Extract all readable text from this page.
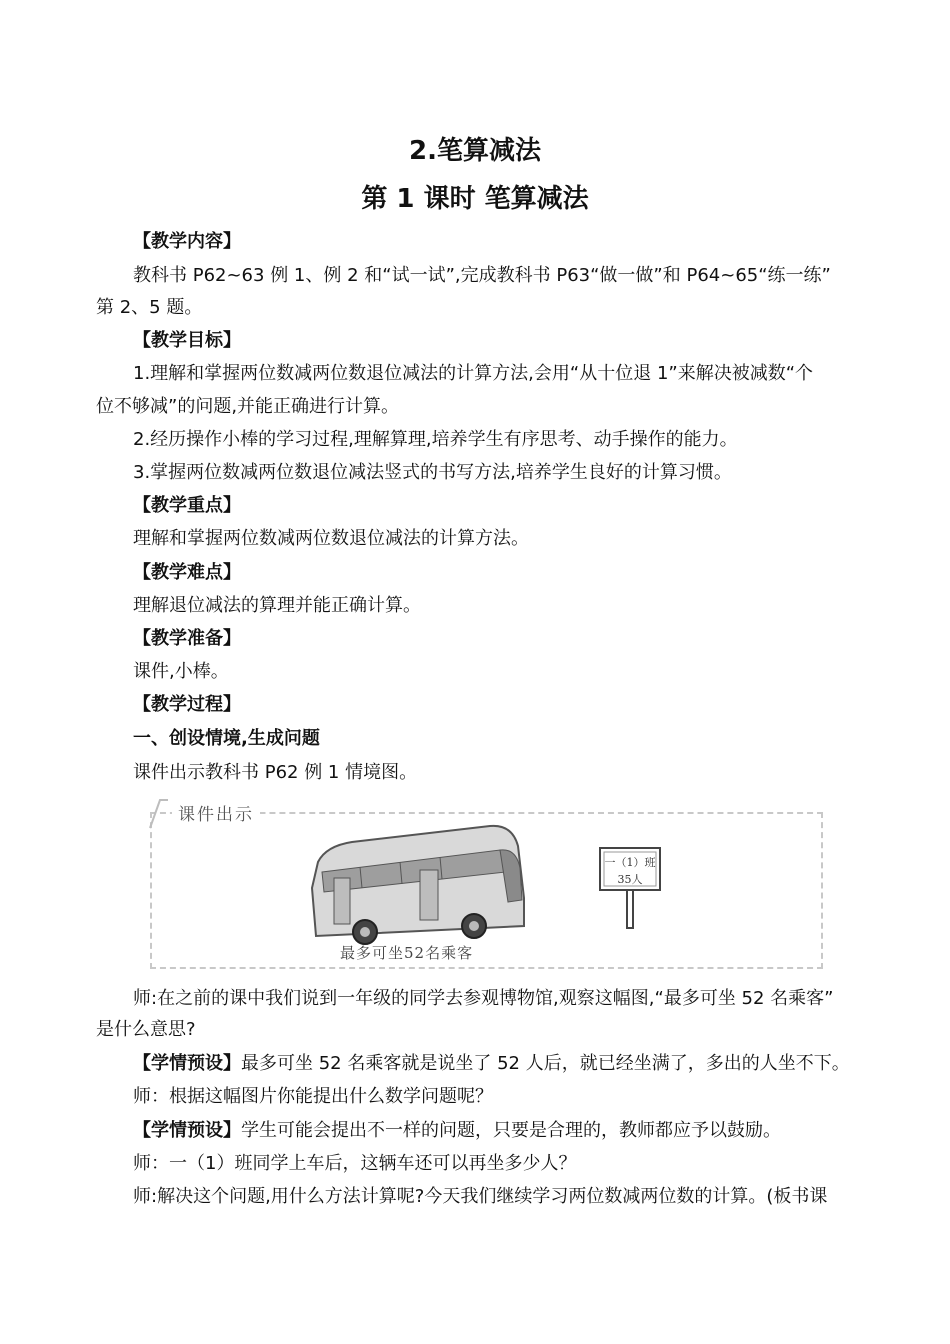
2.笔算减法
第 1 课时 笔算减法
【教学内容】
教科书 P62~63 例 1、例 2 和“试一试”,完成教科书 P63“做一做”和 P64~65“练一练”
第 2、5 题。
【教学目标】
1.理解和掌握两位数减两位数退位减法的计算方法,会用“从十位退 1”来解决被减数“个
位不够减”的问题,并能正确进行计算。
2.经历操作小棒的学习过程,理解算理,培养学生有序思考、动手操作的能力。
3.掌握两位数减两位数退位减法竖式的书写方法,培养学生良好的计算习惯。
【教学重点】
理解和掌握两位数减两位数退位减法的计算方法。
【教学难点】
理解退位减法的算理并能正确计算。
【教学准备】
课件,小棒。
【教学过程】
一、创设情境,生成问题
课件出示教科书 P62 例 1 情境图。
课件出示
一（1）班
35人
最多可坐52名乘客
师:在之前的课中我们说到一年级的同学去参观博物馆,观察这幅图,“最多可坐 52 名乘客”
是什么意思?
【学情预设】最多可坐 52 名乘客就是说坐了 52 人后，就已经坐满了，多出的人坐不下。
师：根据这幅图片你能提出什么数学问题呢？
【学情预设】学生可能会提出不一样的问题，只要是合理的，教师都应予以鼓励。
师：一（1）班同学上车后，这辆车还可以再坐多少人？
师:解决这个问题,用什么方法计算呢?今天我们继续学习两位数减两位数的计算。(板书课
